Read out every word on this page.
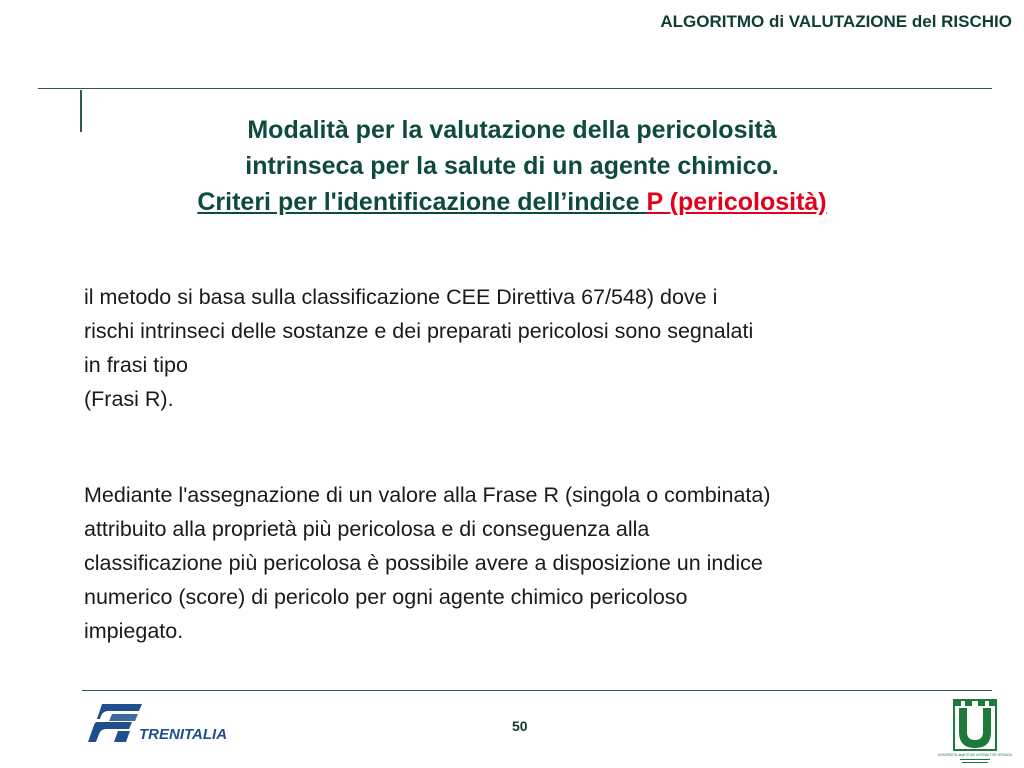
ALGORITMO di VALUTAZIONE del RISCHIO
Modalità per la valutazione della pericolosità
intrinseca per la salute di un agente chimico.
Criteri per l'identificazione dell’indice P (pericolosità)
il metodo si basa sulla classificazione CEE Direttiva 67/548) dove i
rischi intrinseci delle sostanze e dei preparati pericolosi sono segnalati
in frasi tipo
(Frasi R).
Mediante l'assegnazione di un valore alla Frase R (singola o combinata)
attribuito alla proprietà più pericolosa e di conseguenza alla
classificazione più pericolosa è possibile avere a disposizione un indice
numerico (score) di pericolo per ogni agente chimico pericoloso
impiegato.
TRENITALIA	50
UNIVERSITÀ degli STUDI di ROMA TOR VERGATA
